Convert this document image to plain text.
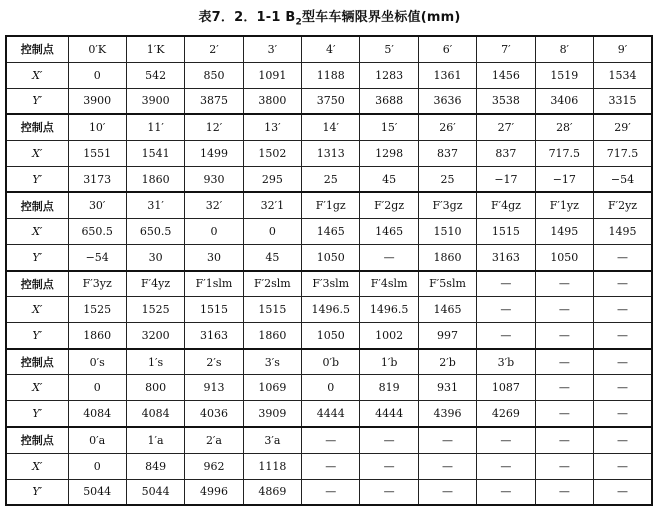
表7．2．1-1 $B_2$型车车辆限界坐标值(mm)
控制点	0′K	1′K	2′	3′	4′	5′	6′	7′	8′	9′
X′	0	542	850	1091	1188	1283	1361	1456	1519	1534
Y′	3900	3900	3875	3800	3750	3688	3636	3538	3406	3315
控制点	10′	11′	12′	13′	14′	15′	26′	27′	28′	29′
X′	1551	1541	1499	1502	1313	1298	837	837	717.5	717.5
Y′	3173	1860	930	295	25	45	25	−17	−17	−54
控制点	30′	31′	32′	32′1	F′1gz	F′2gz	F′3gz	F′4gz	F′1yz	F′2yz
X′	650.5	650.5	0	0	1465	1465	1510	1515	1495	1495
Y′	−54	30	30	45	1050	—	1860	3163	1050	—
控制点	F′3yz	F′4yz	F′1slm	F′2slm	F′3slm	F′4slm	F′5slm	—	—	—
X′	1525	1525	1515	1515	1496.5	1496.5	1465	—	—	—
Y′	1860	3200	3163	1860	1050	1002	997	—	—	—
控制点	0′s	1′s	2′s	3′s	0′b	1′b	2′b	3′b	—	—
X′	0	800	913	1069	0	819	931	1087	—	—
Y′	4084	4084	4036	3909	4444	4444	4396	4269	—	—
控制点	0′a	1′a	2′a	3′a	—	—	—	—	—	—
X′	0	849	962	1118	—	—	—	—	—	—
Y′	5044	5044	4996	4869	—	—	—	—	—	—
